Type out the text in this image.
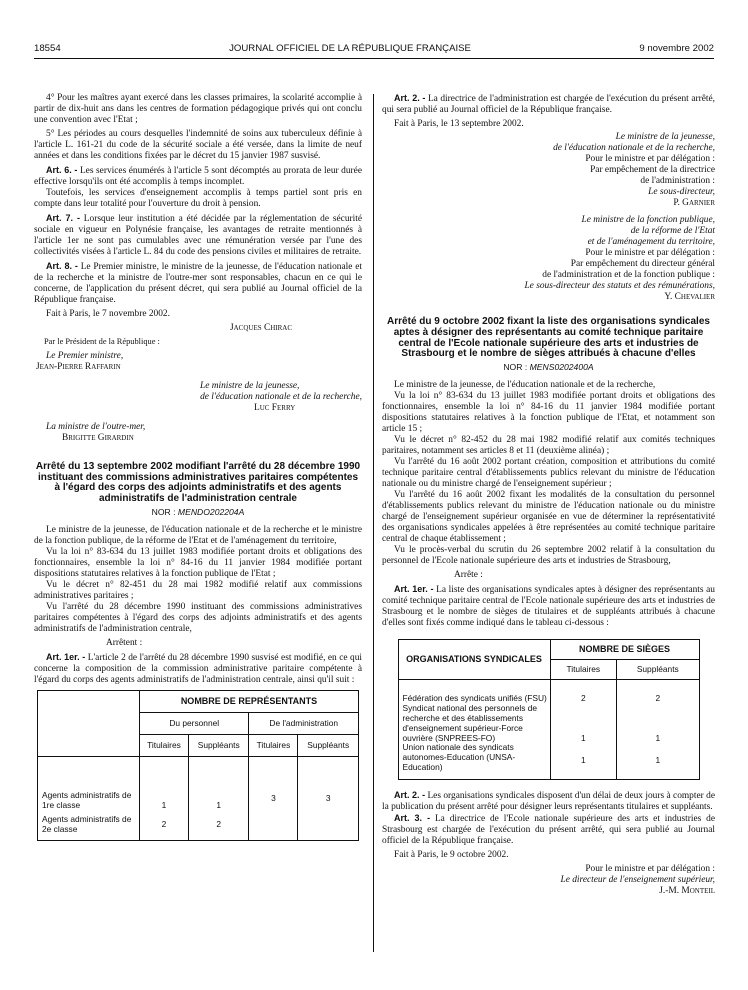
18554	JOURNAL OFFICIEL DE LA RÉPUBLIQUE FRANÇAISE	9 novembre 2002

4° Pour les maîtres ayant exercé dans les classes primaires, la scolarité accomplie à partir de dix-huit ans dans les centres de formation pédagogique privés qui ont conclu une convention avec l'Etat ;

5° Les périodes au cours desquelles l'indemnité de soins aux tuberculeux définie à l'article L. 161-21 du code de la sécurité sociale a été versée, dans la limite de neuf années et dans les conditions fixées par le décret du 15 janvier 1987 susvisé.

Art. 6. - Les services énumérés à l'article 5 sont décomptés au prorata de leur durée effective lorsqu'ils ont été accomplis à temps incomplet.

Toutefois, les services d'enseignement accomplis à temps partiel sont pris en compte dans leur totalité pour l'ouverture du droit à pension.

Art. 7. - Lorsque leur institution a été décidée par la réglementation de sécurité sociale en vigueur en Polynésie française, les avantages de retraite mentionnés à l'article 1er ne sont pas cumulables avec une rémunération versée par l'une des collectivités visées à l'article L. 84 du code des pensions civiles et militaires de retraite.

Art. 8. - Le Premier ministre, le ministre de la jeunesse, de l'éducation nationale et de la recherche et la ministre de l'outre-mer sont responsables, chacun en ce qui le concerne, de l'application du présent décret, qui sera publié au Journal officiel de la République française.

Fait à Paris, le 7 novembre 2002.

Jacques Chirac

Par le Président de la République :

Le Premier ministre,

Jean-Pierre Raffarin

Le ministre de la jeunesse,

de l'éducation nationale et de la recherche,

Luc Ferry

La ministre de l'outre-mer,

Brigitte Girardin

Arrêté du 13 septembre 2002 modifiant l'arrêté du 28 décembre 1990 instituant des commissions administratives paritaires compétentes à l'égard des corps des adjoints administratifs et des agents administratifs de l'administration centrale

NOR : MENDO202204A

Le ministre de la jeunesse, de l'éducation nationale et de la recherche et le ministre de la fonction publique, de la réforme de l'Etat et de l'aménagement du territoire,

Vu la loi n° 83-634 du 13 juillet 1983 modifiée portant droits et obligations des fonctionnaires, ensemble la loi n° 84-16 du 11 janvier 1984 modifiée portant dispositions statutaires relatives à la fonction publique de l'Etat ;

Vu le décret n° 82-451 du 28 mai 1982 modifié relatif aux commissions administratives paritaires ;

Vu l'arrêté du 28 décembre 1990 instituant des commissions administratives paritaires compétentes à l'égard des corps des adjoints administratifs et des agents administratifs de l'administration centrale,

Arrêtent :

Art. 1er. - L'article 2 de l'arrêté du 28 décembre 1990 susvisé est modifié, en ce qui concerne la composition de la commission administrative paritaire compétente à l'égard du corps des agents administratifs de l'administration centrale, ainsi qu'il suit :

	NOMBRE DE REPRÉSENTANTS			
	Du personnel		De l'administration	
	Titulaires	Suppléants	Titulaires	Suppléants
Agents administratifs de 1re classe	1	1	3	3
Agents administratifs de 2e classe	2	2		

Art. 2. - La directrice de l'administration est chargée de l'exécution du présent arrêté, qui sera publié au Journal officiel de la République française.

Fait à Paris, le 13 septembre 2002.

Le ministre de la jeunesse,

de l'éducation nationale et de la recherche,

Pour le ministre et par délégation :

Par empêchement de la directrice

de l'administration :

Le sous-directeur,

P. Garnier

Le ministre de la fonction publique,

de la réforme de l'Etat

et de l'aménagement du territoire,

Pour le ministre et par délégation :

Par empêchement du directeur général

de l'administration et de la fonction publique :

Le sous-directeur des statuts et des rémunérations,

Y. Chevalier

Arrêté du 9 octobre 2002 fixant la liste des organisations syndicales aptes à désigner des représentants au comité technique paritaire central de l'Ecole nationale supérieure des arts et industries de Strasbourg et le nombre de sièges attribués à chacune d'elles

NOR : MENS0202400A

Le ministre de la jeunesse, de l'éducation nationale et de la recherche,

Vu la loi n° 83-634 du 13 juillet 1983 modifiée portant droits et obligations des fonctionnaires, ensemble la loi n° 84-16 du 11 janvier 1984 modifiée portant dispositions statutaires relatives à la fonction publique de l'Etat, et notamment son article 15 ;

Vu le décret n° 82-452 du 28 mai 1982 modifié relatif aux comités techniques paritaires, notamment ses articles 8 et 11 (deuxième alinéa) ;

Vu l'arrêté du 16 août 2002 portant création, composition et attributions du comité technique paritaire central d'établissements publics relevant du ministre de l'éducation nationale ou du ministre chargé de l'enseignement supérieur ;

Vu l'arrêté du 16 août 2002 fixant les modalités de la consultation du personnel d'établissements publics relevant du ministre de l'éducation nationale ou du ministre chargé de l'enseignement supérieur organisée en vue de déterminer la représentativité des organisations syndicales appelées à être représentées au comité technique paritaire central de chaque établissement ;

Vu le procès-verbal du scrutin du 26 septembre 2002 relatif à la consultation du personnel de l'Ecole nationale supérieure des arts et industries de Strasbourg,

Arrête :

Art. 1er. - La liste des organisations syndicales aptes à désigner des représentants au comité technique paritaire central de l'Ecole nationale supérieure des arts et industries de Strasbourg et le nombre de sièges de titulaires et de suppléants attribués à chacune d'elles sont fixés comme indiqué dans le tableau ci-dessous :

ORGANISATIONS SYNDICALES	NOMBRE DE SIÈGES	
	Titulaires	Suppléants
Fédération des syndicats unifiés (FSU)	2	2
Syndicat national des personnels de recherche et des établissements d'enseignement supérieur-Force ouvrière (SNPREES-FO)	1	1
Union nationale des syndicats autonomes-Education (UNSA-Education)	1	1

Art. 2. - Les organisations syndicales disposent d'un délai de deux jours à compter de la publication du présent arrêté pour désigner leurs représentants titulaires et suppléants.

Art. 3. - La directrice de l'Ecole nationale supérieure des arts et industries de Strasbourg est chargée de l'exécution du présent arrêté, qui sera publié au Journal officiel de la République française.

Fait à Paris, le 9 octobre 2002.

Pour le ministre et par délégation :

Le directeur de l'enseignement supérieur,

J.-M. Monteil
